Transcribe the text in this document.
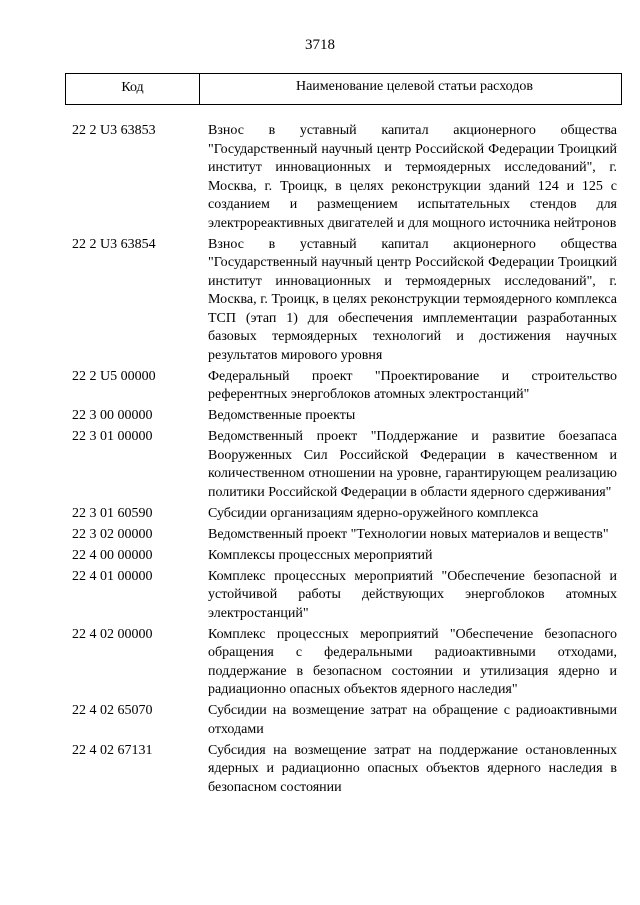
3718
Код	Наименование целевой статьи расходов
22 2 U3 63853	Взнос в уставный капитал акционерного общества "Государственный научный центр Российской Федерации Троицкий институт инновационных и термоядерных исследований", г. Москва, г. Троицк, в целях реконструкции зданий 124 и 125 с созданием и размещением испытательных стендов для электрореактивных двигателей и для мощного источника нейтронов
22 2 U3 63854	Взнос в уставный капитал акционерного общества "Государственный научный центр Российской Федерации Троицкий институт инновационных и термоядерных исследований", г. Москва, г. Троицк, в целях реконструкции термоядерного комплекса ТСП (этап 1) для обеспечения имплементации разработанных базовых термоядерных технологий и достижения научных результатов мирового уровня
22 2 U5 00000	Федеральный проект "Проектирование и строительство референтных энергоблоков атомных электростанций"
22 3 00 00000	Ведомственные проекты
22 3 01 00000	Ведомственный проект "Поддержание и развитие боезапаса Вооруженных Сил Российской Федерации в качественном и количественном отношении на уровне, гарантирующем реализацию политики Российской Федерации в области ядерного сдерживания"
22 3 01 60590	Субсидии организациям ядерно-оружейного комплекса
22 3 02 00000	Ведомственный проект "Технологии новых материалов и веществ"
22 4 00 00000	Комплексы процессных мероприятий
22 4 01 00000	Комплекс процессных мероприятий "Обеспечение безопасной и устойчивой работы действующих энергоблоков атомных электростанций"
22 4 02 00000	Комплекс процессных мероприятий "Обеспечение безопасного обращения с федеральными радиоактивными отходами, поддержание в безопасном состоянии и утилизация ядерно и радиационно опасных объектов ядерного наследия"
22 4 02 65070	Субсидии на возмещение затрат на обращение с радиоактивными отходами
22 4 02 67131	Субсидия на возмещение затрат на поддержание остановленных ядерных и радиационно опасных объектов ядерного наследия в безопасном состоянии
